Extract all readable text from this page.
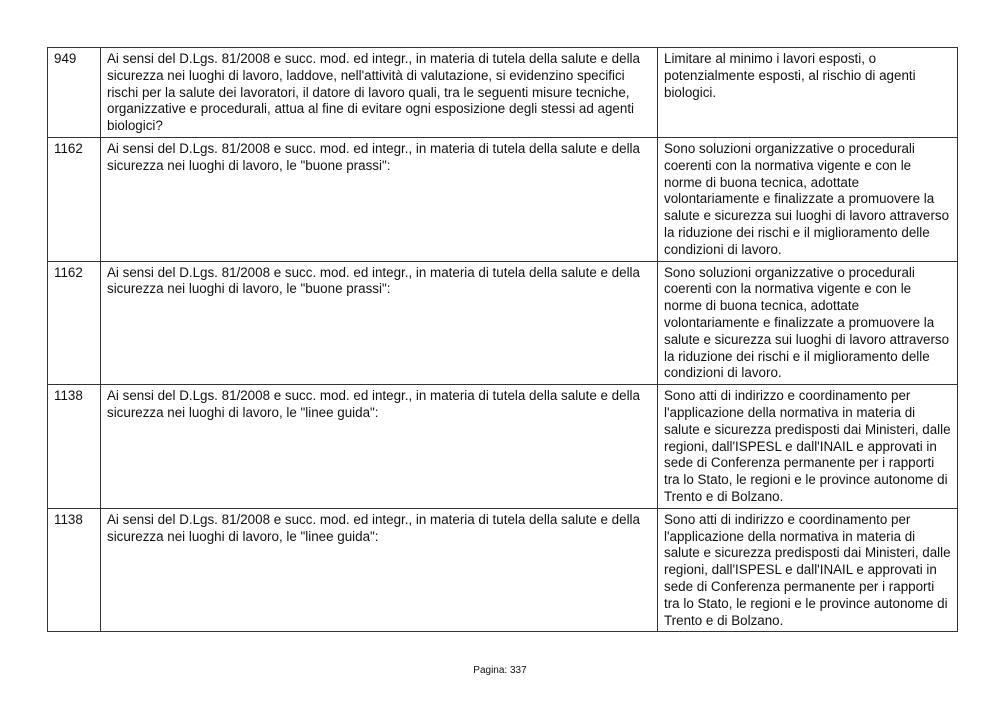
949	Ai sensi del D.Lgs. 81/2008 e succ. mod. ed integr., in materia di tutela della salute e della sicurezza nei luoghi di lavoro, laddove, nell'attività di valutazione, si evidenzino specifici rischi per la salute dei lavoratori, il datore di lavoro quali, tra le seguenti misure tecniche, organizzative e procedurali, attua al fine di evitare ogni esposizione degli stessi ad agenti biologici?	Limitare al minimo i lavori esposti, o potenzialmente esposti, al rischio di agenti biologici.
1162	Ai sensi del D.Lgs. 81/2008 e succ. mod. ed integr., in materia di tutela della salute e della sicurezza nei luoghi di lavoro, le "buone prassi":	Sono soluzioni organizzative o procedurali coerenti con la normativa vigente e con le norme di buona tecnica, adottate volontariamente e finalizzate a promuovere la salute e sicurezza sui luoghi di lavoro attraverso la riduzione dei rischi e il miglioramento delle condizioni di lavoro.
1162	Ai sensi del D.Lgs. 81/2008 e succ. mod. ed integr., in materia di tutela della salute e della sicurezza nei luoghi di lavoro, le "buone prassi":	Sono soluzioni organizzative o procedurali coerenti con la normativa vigente e con le norme di buona tecnica, adottate volontariamente e finalizzate a promuovere la salute e sicurezza sui luoghi di lavoro attraverso la riduzione dei rischi e il miglioramento delle condizioni di lavoro.
1138	Ai sensi del D.Lgs. 81/2008 e succ. mod. ed integr., in materia di tutela della salute e della sicurezza nei luoghi di lavoro, le "linee guida":	Sono atti di indirizzo e coordinamento per l'applicazione della normativa in materia di salute e sicurezza predisposti dai Ministeri, dalle regioni, dall'ISPESL e dall'INAIL e approvati in sede di Conferenza permanente per i rapporti tra lo Stato, le regioni e le province autonome di Trento e di Bolzano.
1138	Ai sensi del D.Lgs. 81/2008 e succ. mod. ed integr., in materia di tutela della salute e della sicurezza nei luoghi di lavoro, le "linee guida":	Sono atti di indirizzo e coordinamento per l'applicazione della normativa in materia di salute e sicurezza predisposti dai Ministeri, dalle regioni, dall'ISPESL e dall'INAIL e approvati in sede di Conferenza permanente per i rapporti tra lo Stato, le regioni e le province autonome di Trento e di Bolzano.
Pagina: 337
